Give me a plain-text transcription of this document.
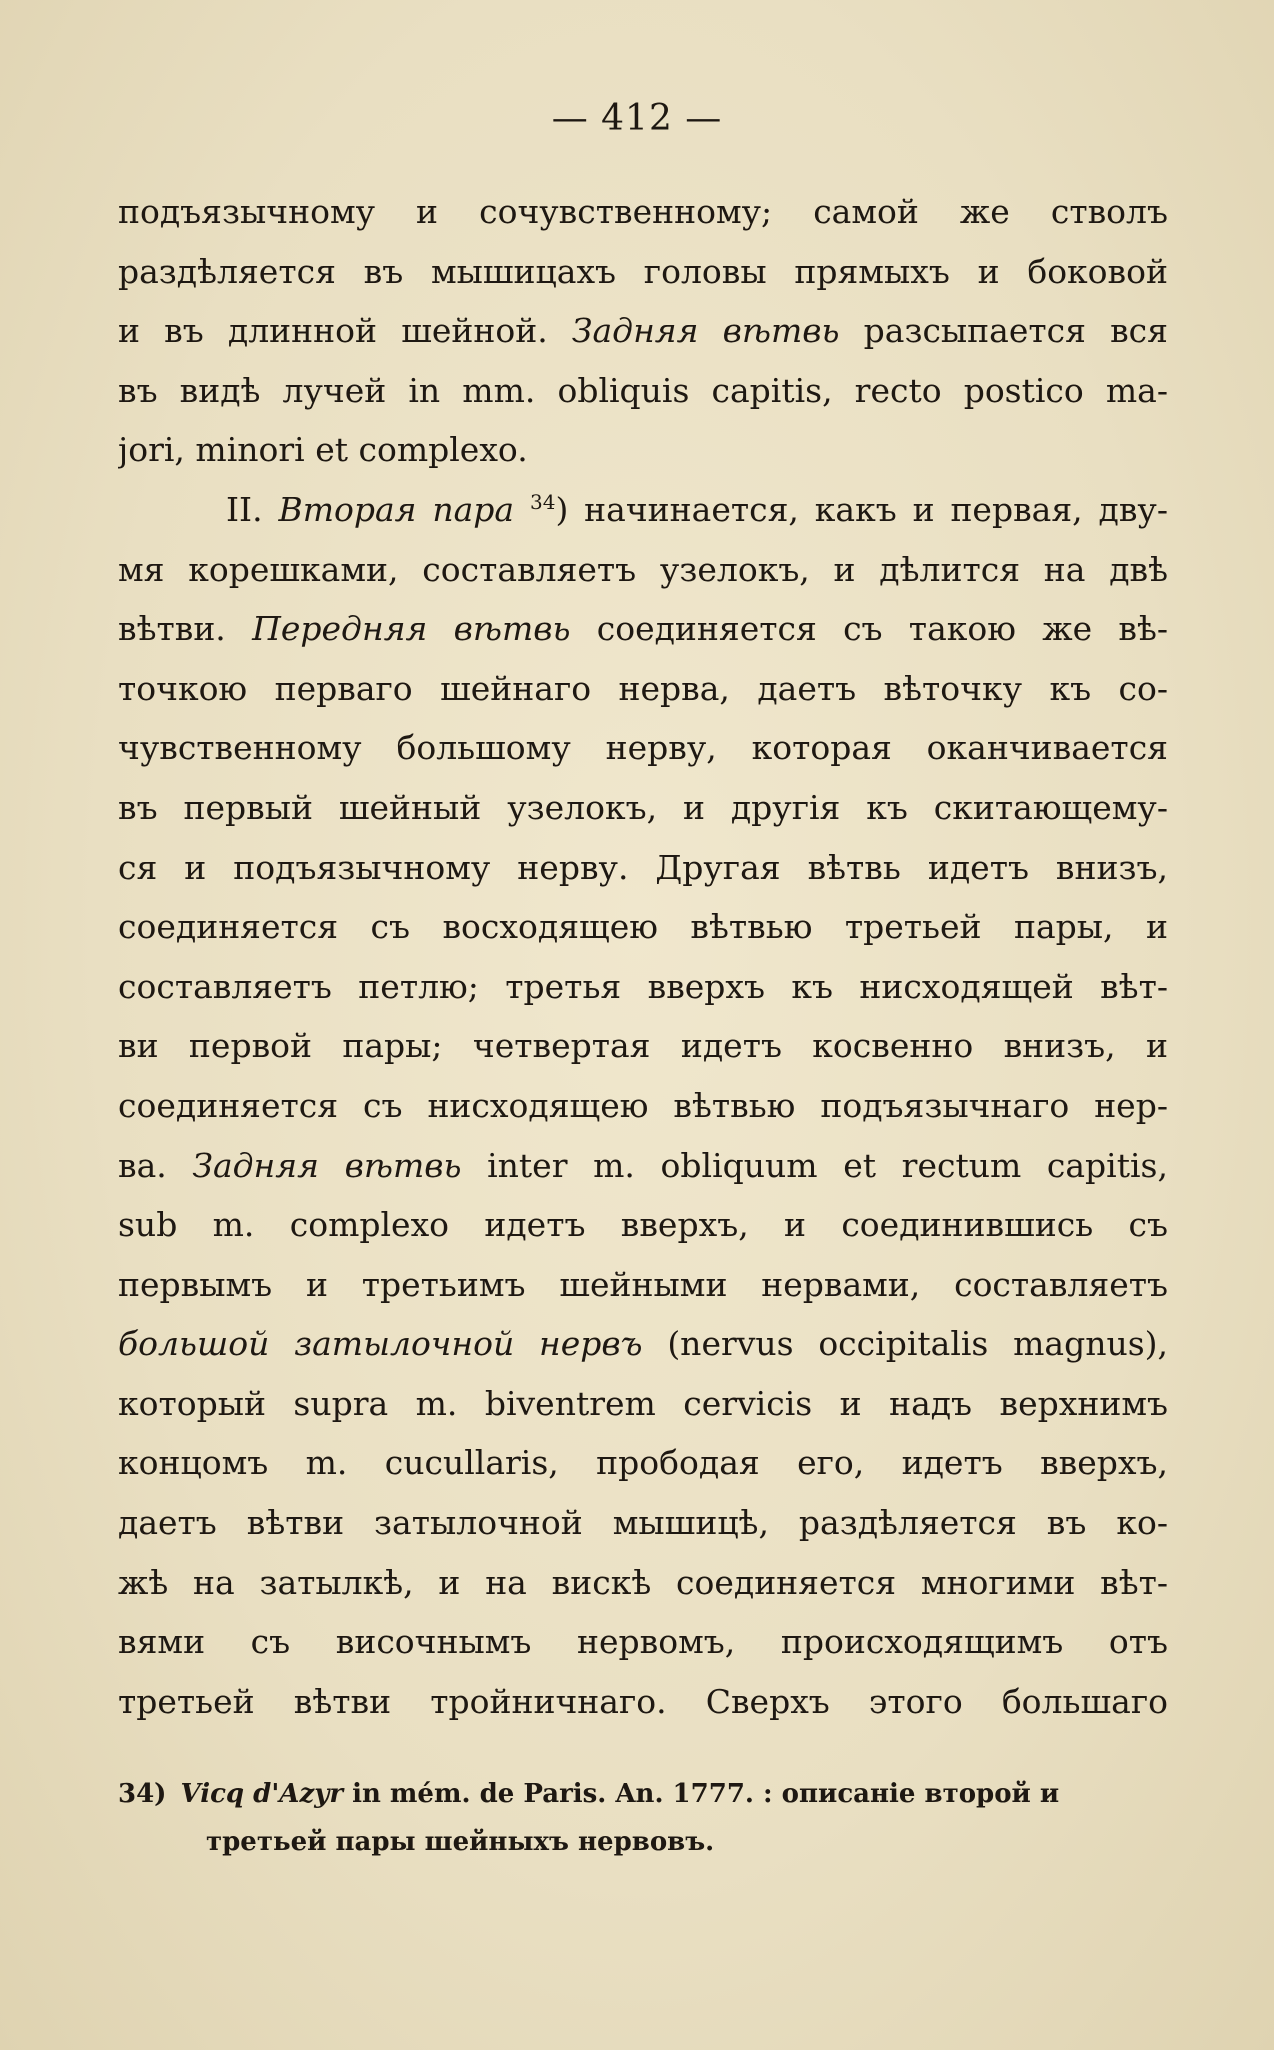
— 412 —
подъязычному и сочувственному; самой же стволъ
раздѣляется въ мышицахъ головы прямыхъ и боковой
и въ длинной шейной. Задняя вѣтвь разсыпается вся
въ видѣ лучей in mm. obliquis capitis, recto postico ma-
jori, minori et complexo.
II. Вторая пара $^{34}$) начинается, какъ и первая, дву-
мя корешками, составляетъ узелокъ, и дѣлится на двѣ
вѣтви. Передняя вѣтвь соединяется съ такою же вѣ-
точкою перваго шейнаго нерва, даетъ вѣточку къ со-
чувственному большому нерву, которая оканчивается
въ первый шейный узелокъ, и другія къ скитающему-
ся и подъязычному нерву. Другая вѣтвь идетъ внизъ,
соединяется съ восходящею вѣтвью третьей пары, и
составляетъ петлю; третья вверхъ къ нисходящей вѣт-
ви первой пары; четвертая идетъ косвенно внизъ, и
соединяется съ нисходящею вѣтвью подъязычнаго нер-
ва. Задняя вѣтвь inter m. obliquum et rectum capitis,
sub m. complexo идетъ вверхъ, и соединившись съ
первымъ и третьимъ шейными нервами, составляетъ
большой затылочной нервъ (nervus occipitalis magnus),
который supra m. biventrem cervicis и надъ верхнимъ
концомъ m. cucullaris, прободая его, идетъ вверхъ,
даетъ вѣтви затылочной мышицѣ, раздѣляется въ ко-
жѣ на затылкѣ, и на вискѣ соединяется многими вѣт-
вями съ височнымъ нервомъ, происходящимъ отъ
третьей вѣтви тройничнаго. Сверхъ этого большаго
34) Vicq d'Azyr in mém. de Paris. An. 1777. : описаніе второй и
третьей пары шейныхъ нервовъ.
